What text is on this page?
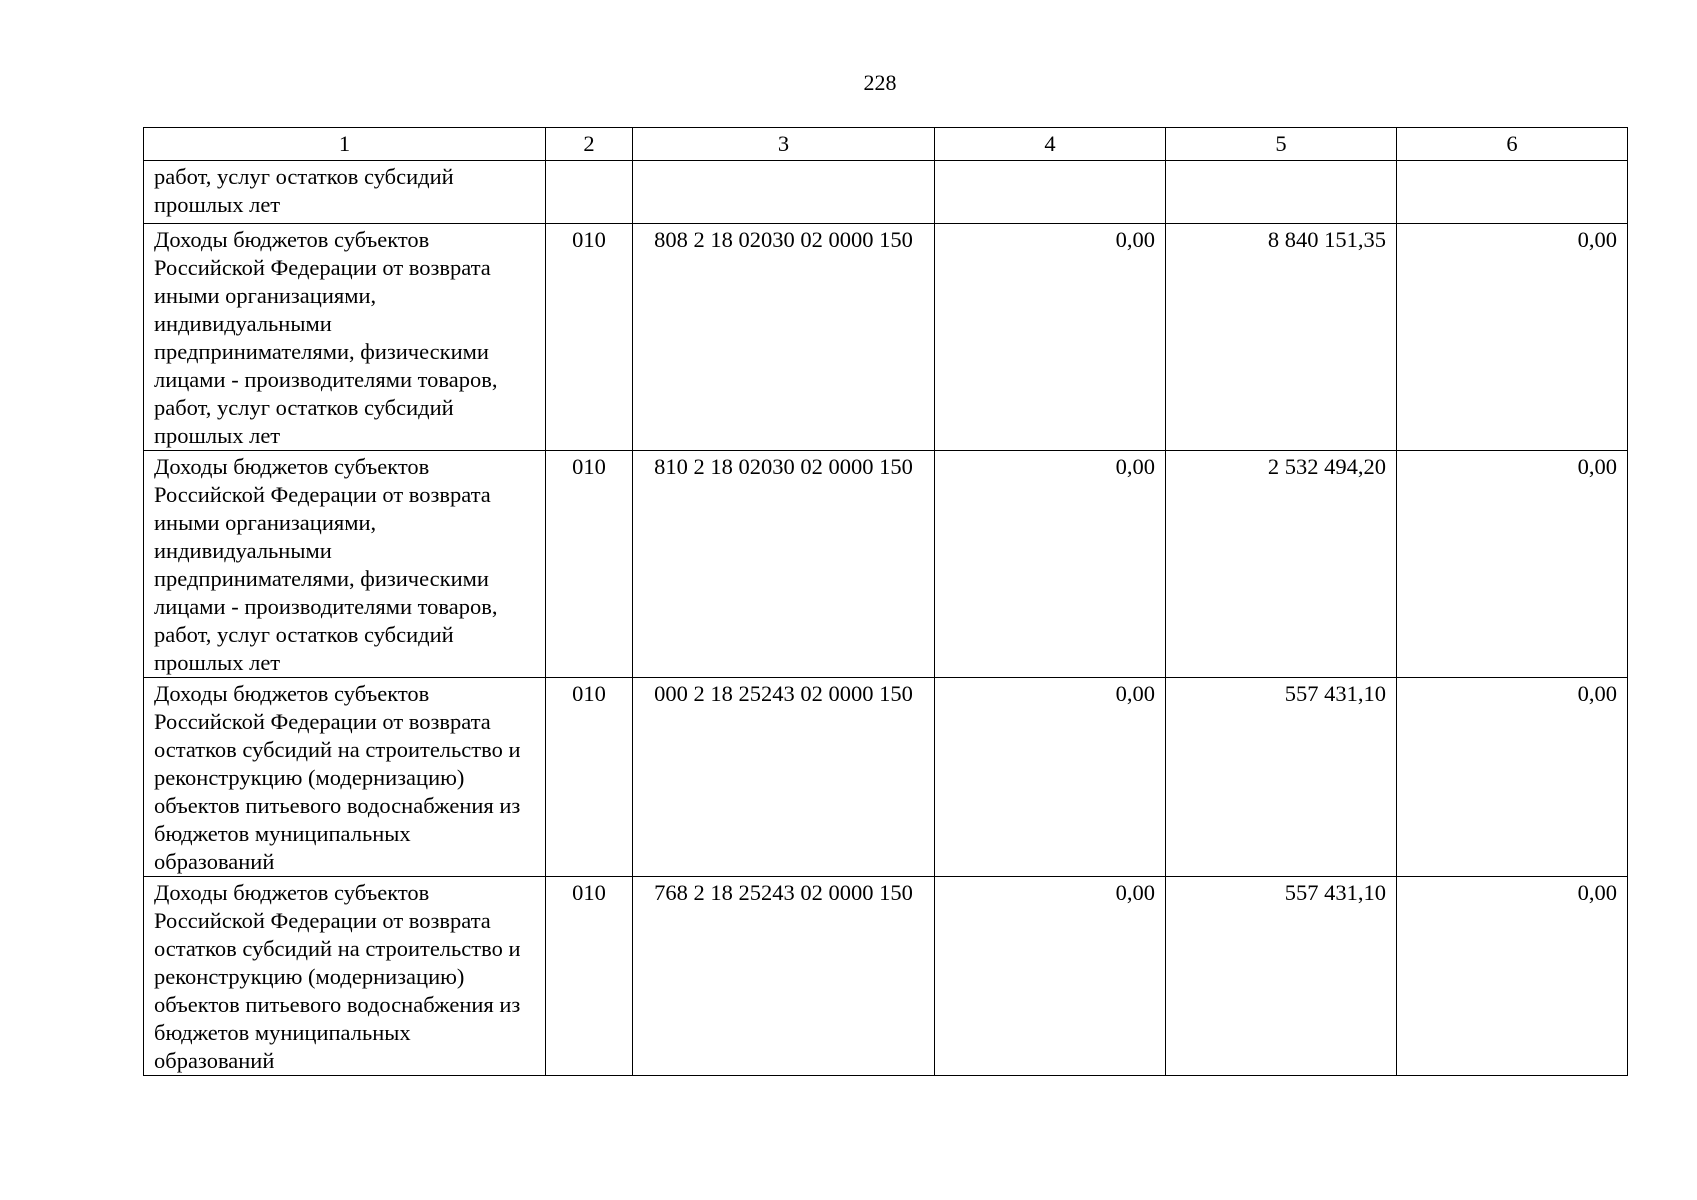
228
1	2	3	4	5	6
работ, услуг остатков субсидий прошлых лет					
Доходы бюджетов субъектов Российской Федерации от возврата иными организациями, индивидуальными предпринимателями, физическими лицами - производителями товаров, работ, услуг остатков субсидий прошлых лет	010	808 2 18 02030 02 0000 150	0,00	8 840 151,35	0,00
Доходы бюджетов субъектов Российской Федерации от возврата иными организациями, индивидуальными предпринимателями, физическими лицами - производителями товаров, работ, услуг остатков субсидий прошлых лет	010	810 2 18 02030 02 0000 150	0,00	2 532 494,20	0,00
Доходы бюджетов субъектов Российской Федерации от возврата остатков субсидий на строительство и реконструкцию (модернизацию) объектов питьевого водоснабжения из бюджетов муниципальных образований	010	000 2 18 25243 02 0000 150	0,00	557 431,10	0,00
Доходы бюджетов субъектов Российской Федерации от возврата остатков субсидий на строительство и реконструкцию (модернизацию) объектов питьевого водоснабжения из бюджетов муниципальных образований	010	768 2 18 25243 02 0000 150	0,00	557 431,10	0,00
